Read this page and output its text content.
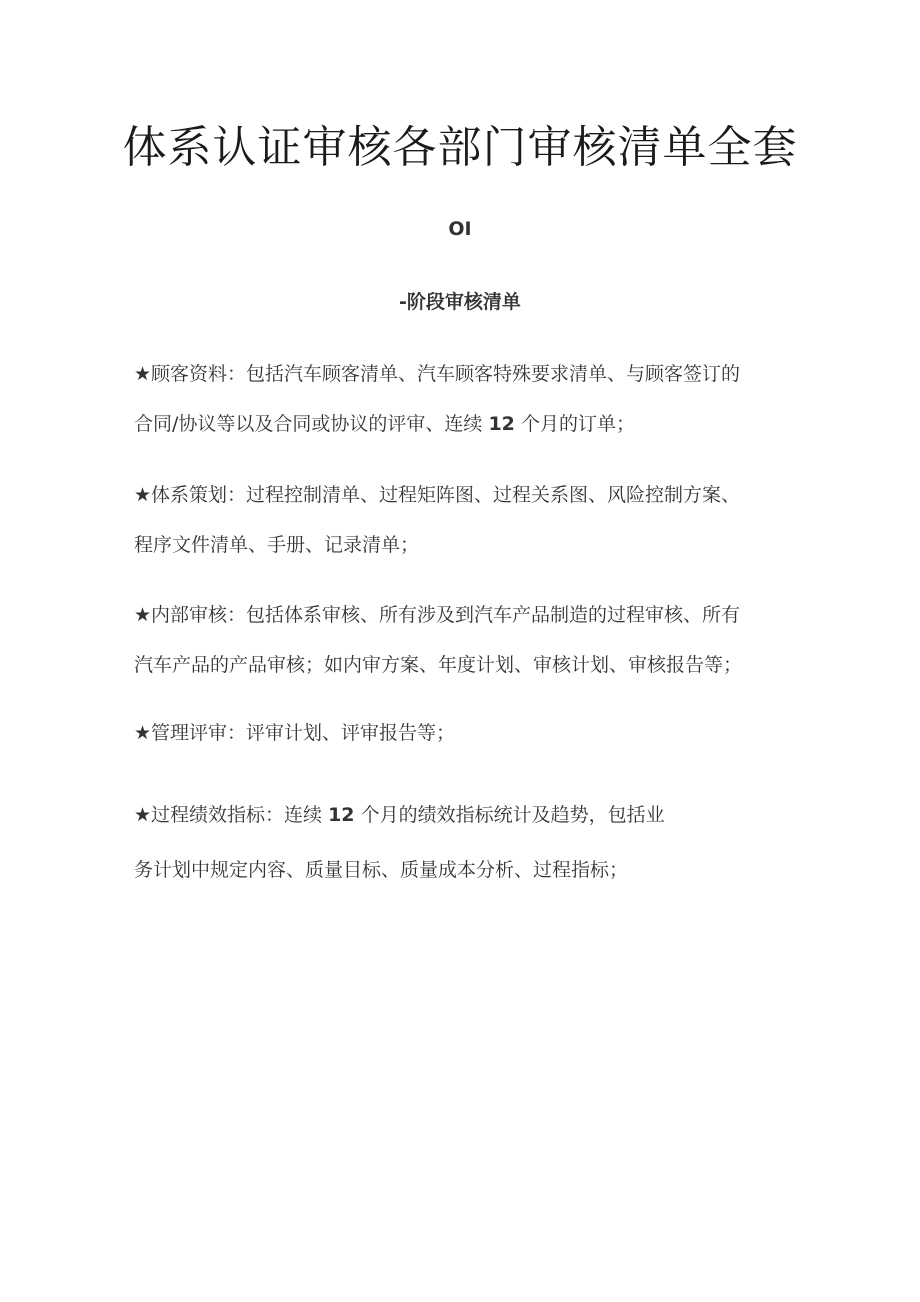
体系认证审核各部门审核清单全套
OI
-阶段审核清单
★顾客资料：包括汽车顾客清单、汽车顾客特殊要求清单、与顾客签订的
合同/协议等以及合同或协议的评审、连续 12 个月的订单；
★体系策划：过程控制清单、过程矩阵图、过程关系图、风险控制方案、
程序文件清单、手册、记录清单；
★内部审核：包括体系审核、所有涉及到汽车产品制造的过程审核、所有
汽车产品的产品审核；如内审方案、年度计划、审核计划、审核报告等；
★管理评审：评审计划、评审报告等；
★过程绩效指标：连续 12 个月的绩效指标统计及趋势，包括业
务计划中规定内容、质量目标、质量成本分析、过程指标；
